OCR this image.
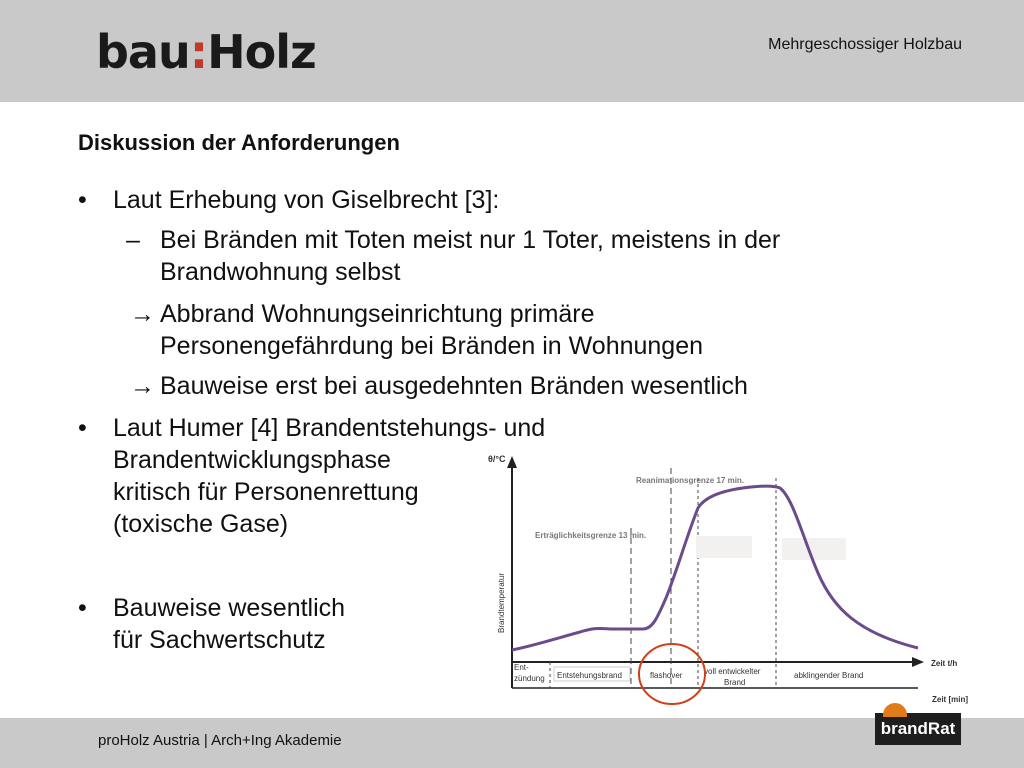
bau:Holz	Mehrgeschossiger Holzbau
Diskussion der Anforderungen
• Laut Erhebung von Giselbrecht [3]:
– Bei Bränden mit Toten meist nur 1 Toter, meistens in der
Brandwohnung selbst
→ Abbrand Wohnungseinrichtung primäre
Personengefährdung bei Bränden in Wohnungen
→ Bauweise erst bei ausgedehnten Bränden wesentlich
• Laut Humer [4] Brandentstehungs- und
Brandentwicklungsphase
kritisch für Personenrettung
(toxische Gase)
• Bauweise wesentlich
für Sachwertschutz
θ/°C
Brandtemperatur
Zeit t/h
Zeit [min]
Erträglichkeitsgrenze 13 min.
Reanimationsgrenze 17 min.
Ent-
zündung Entstehungsbrand	flashover	voll entwickelter
Brand
abklingender Brand
proHolz Austria | Arch+Ing Akademie
brandRat
